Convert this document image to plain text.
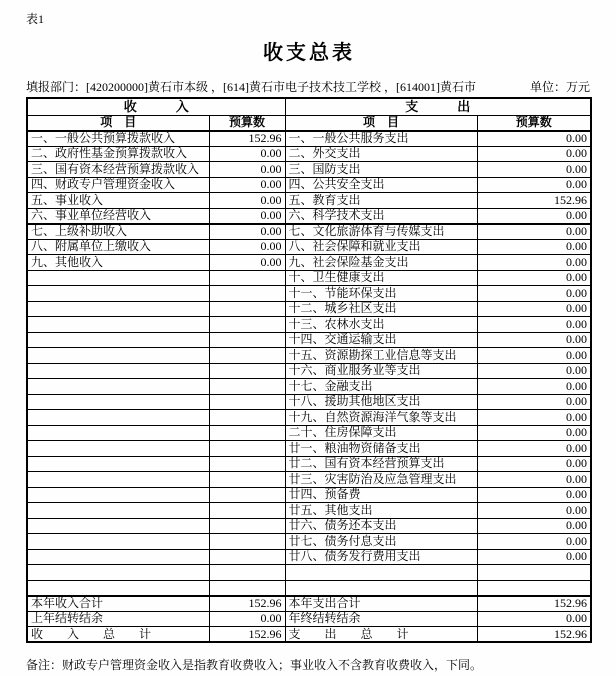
表1
收支总表
填报部门：[420200000]黄石市本级 ，[614]黄石市电子技术技工学校 ，[614001]黄石市	单位：万元
收　　　入		支　　　出	
项　目	预算数	项　目	预算数
一、一般公共预算拨款收入	152.96	一、一般公共服务支出	0.00
二、政府性基金预算拨款收入	0.00	二、外交支出	0.00
三、国有资本经营预算拨款收入	0.00	三、国防支出	0.00
四、财政专户管理资金收入	0.00	四、公共安全支出	0.00
五、事业收入	0.00	五、教育支出	152.96
六、事业单位经营收入	0.00	六、科学技术支出	0.00
七、上级补助收入	0.00	七、文化旅游体育与传媒支出	0.00
八、附属单位上缴收入	0.00	八、社会保障和就业支出	0.00
九、其他收入	0.00	九、社会保险基金支出	0.00
		十、卫生健康支出	0.00
		十一、节能环保支出	0.00
		十二、城乡社区支出	0.00
		十三、农林水支出	0.00
		十四、交通运输支出	0.00
		十五、资源勘探工业信息等支出	0.00
		十六、商业服务业等支出	0.00
		十七、金融支出	0.00
		十八、援助其他地区支出	0.00
		十九、自然资源海洋气象等支出	0.00
		二十、住房保障支出	0.00
		廿一、粮油物资储备支出	0.00
		廿二、国有资本经营预算支出	0.00
		廿三、灾害防治及应急管理支出	0.00
		廿四、预备费	0.00
		廿五、其他支出	0.00
		廿六、债务还本支出	0.00
		廿七、债务付息支出	0.00
		廿八、债务发行费用支出	0.00

本年收入合计	152.96	本年支出合计	152.96
上年结转结余	0.00	年终结转结余	0.00
收　　入　　总　　计	152.96	支　　出　　总　　计	152.96
备注：财政专户管理资金收入是指教育收费收入；事业收入不含教育收费收入，下同。
